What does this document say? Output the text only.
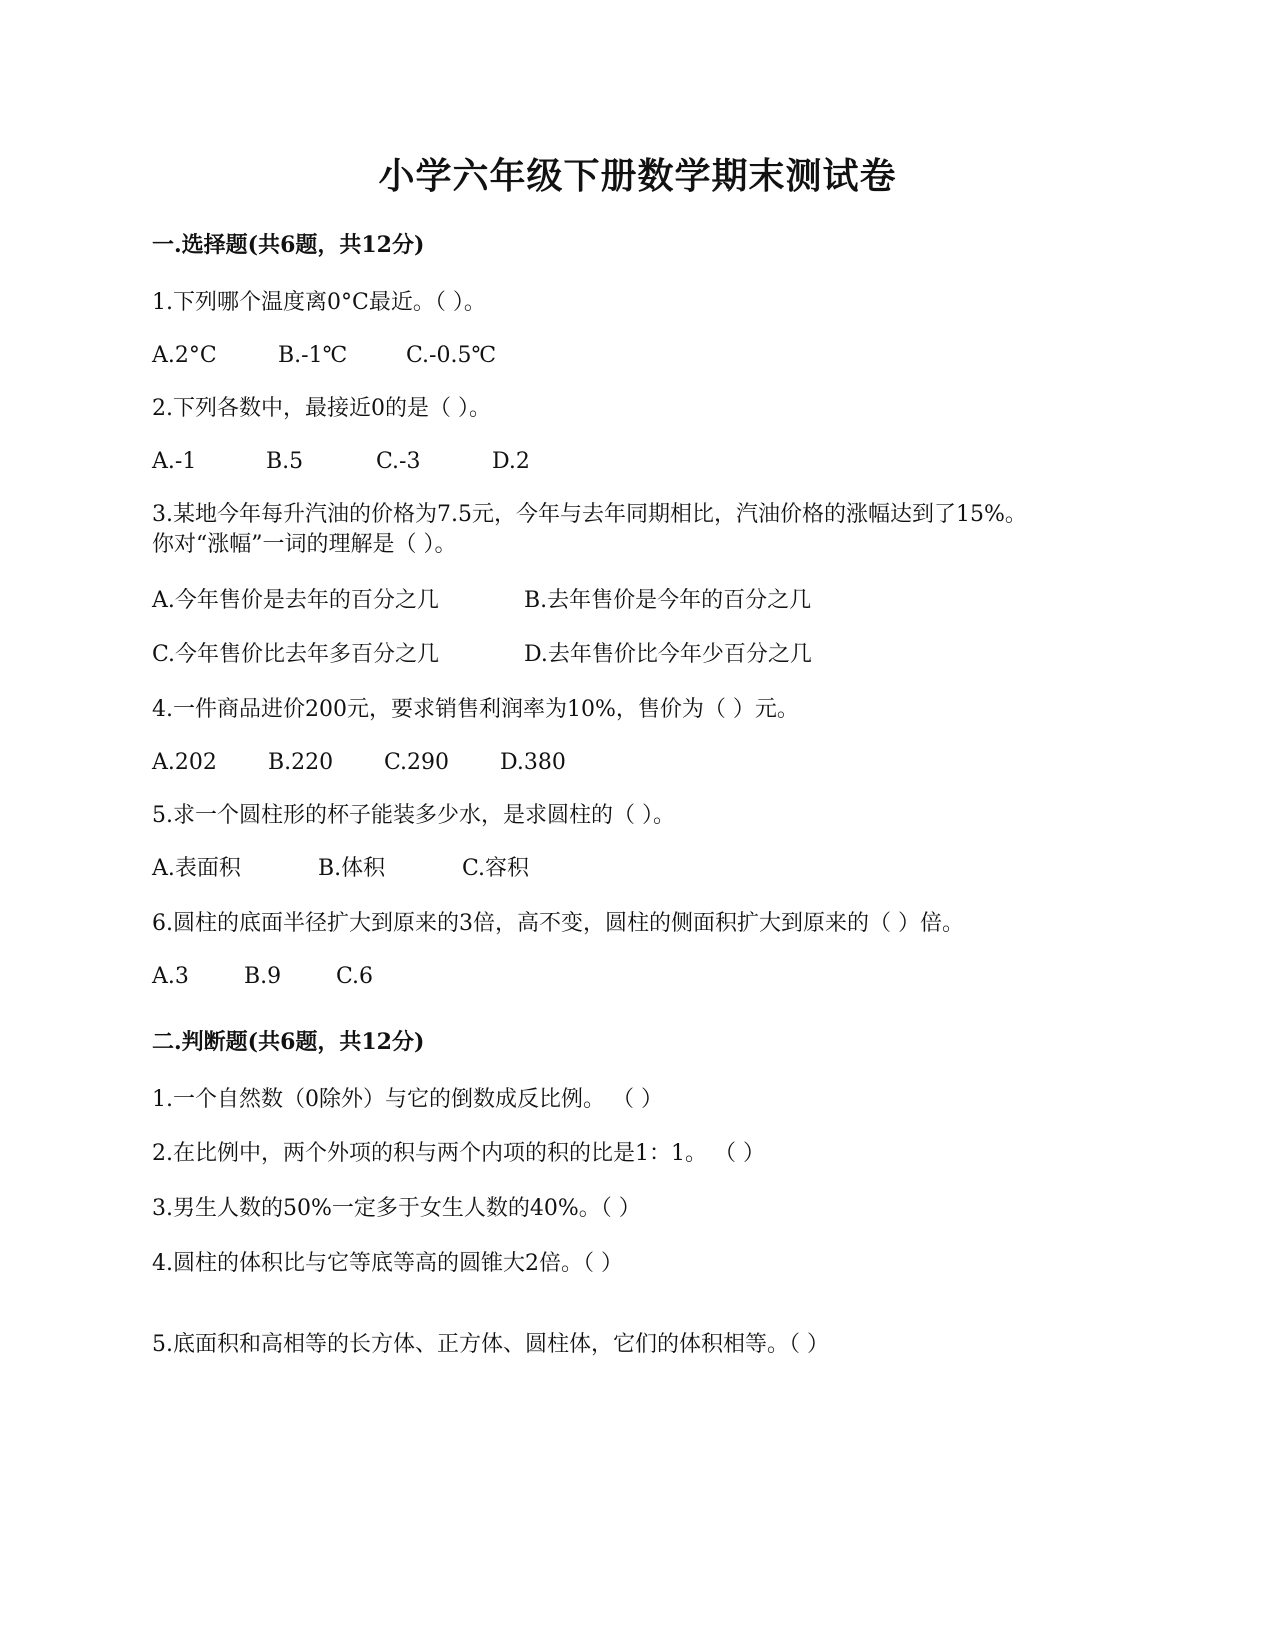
小学六年级下册数学期末测试卷

一.选择题(共6题，共12分)

1.下列哪个温度离0°C最近。（ ）。

A.2°C	B.-1℃	C.-0.5℃

2.下列各数中，最接近0的是（ ）。

A.-1	B.5	C.-3	D.2

3.某地今年每升汽油的价格为7.5元，今年与去年同期相比，汽油价格的涨幅达到了15%。

你对“涨幅”一词的理解是（ ）。

A.今年售价是去年的百分之几	B.去年售价是今年的百分之几

C.今年售价比去年多百分之几	D.去年售价比今年少百分之几

4.一件商品进价200元，要求销售利润率为10%，售价为（ ）元。

A.202 B.220 C.290 D.380

5.求一个圆柱形的杯子能装多少水，是求圆柱的（ ）。

A.表面积	B.体积	C.容积

6.圆柱的底面半径扩大到原来的3倍，高不变，圆柱的侧面积扩大到原来的（ ）倍。

A.3	B.9 C.6

二.判断题(共6题，共12分)

1.一个自然数（0除外）与它的倒数成反比例。 （ ）

2.在比例中，两个外项的积与两个内项的积的比是1：1。 （ ）

3.男生人数的50%一定多于女生人数的40%。（ ）

4.圆柱的体积比与它等底等高的圆锥大2倍。（ ）

5.底面积和高相等的长方体、正方体、圆柱体，它们的体积相等。（ ）
